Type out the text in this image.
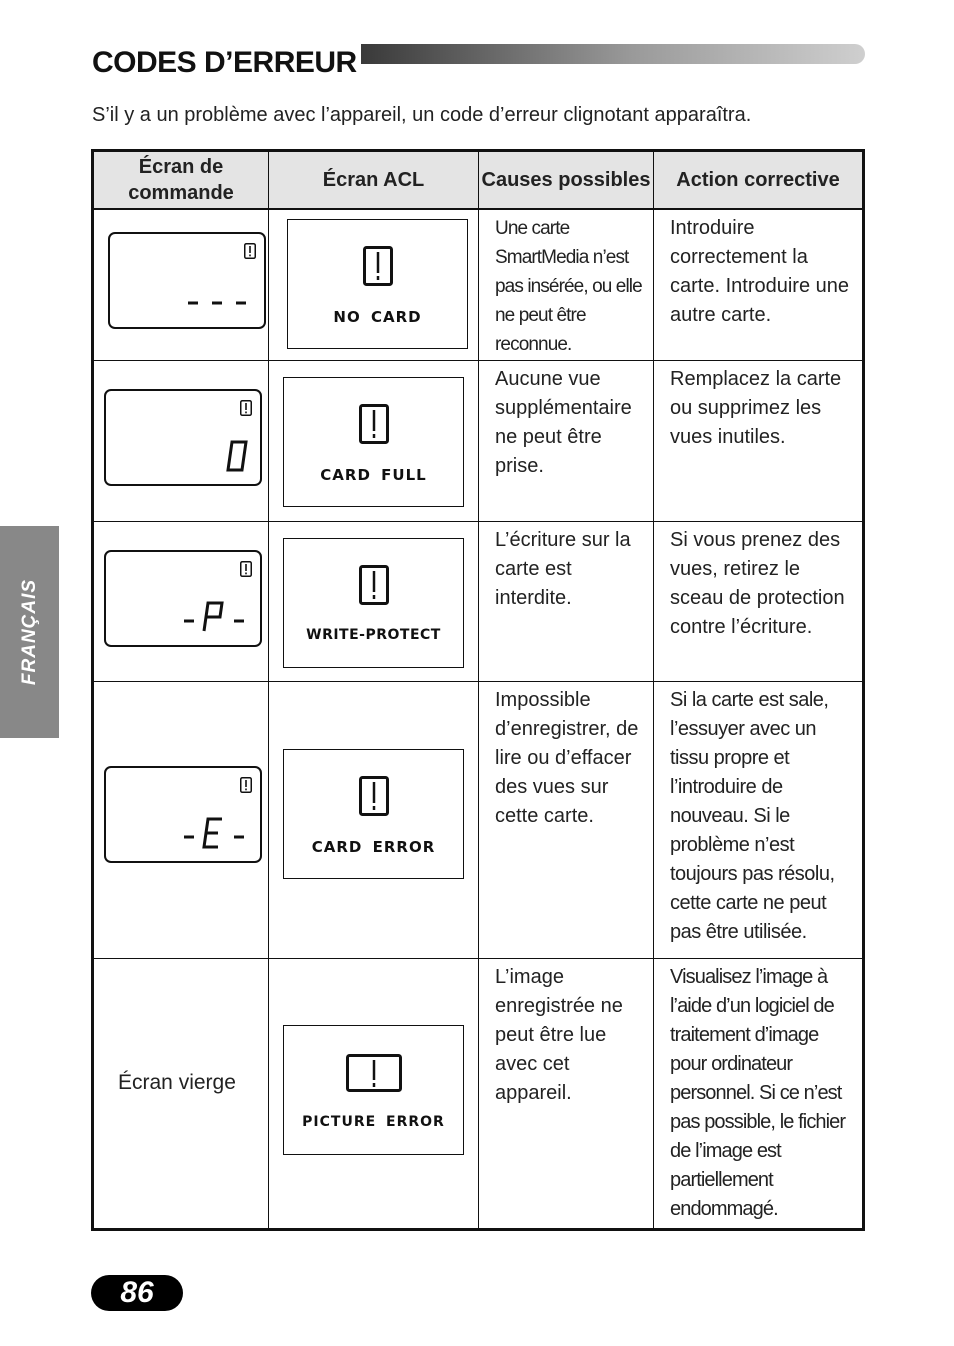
CODES D’ERREUR
S’il y a un problème avec l’appareil, un code d’erreur clignotant apparaîtra.
FRANÇAIS
Écran de commande	Écran ACL	Causes possibles	Action corrective

NO CARD	Une carte SmartMedia n’est pas insérée, ou elle ne peut être reconnue.	Introduire correctement la carte. Introduire une autre carte.

CARD FULL	Aucune vue supplémentaire ne peut être prise.	Remplacez la carte ou supprimez les vues inutiles.

WRITE-PROTECT	L’écriture sur la carte est interdite.	Si vous prenez des vues, retirez le sceau de protection contre l’écriture.

CARD ERROR	Impossible d’enregistrer, de lire ou d’effacer des vues sur cette carte.	Si la carte est sale, l’essuyer avec un tissu propre et l’introduire de nouveau. Si le problème n’est toujours pas résolu, cette carte ne peut pas être utilisée.

Écran vierge	PICTURE ERROR	L’image enregistrée ne peut être lue avec cet appareil.	Visualisez l’image à l’aide d’un logiciel de traitement d’image pour ordinateur personnel. Si ce n’est pas possible, le fichier de l’image est partiellement endommagé.
86
